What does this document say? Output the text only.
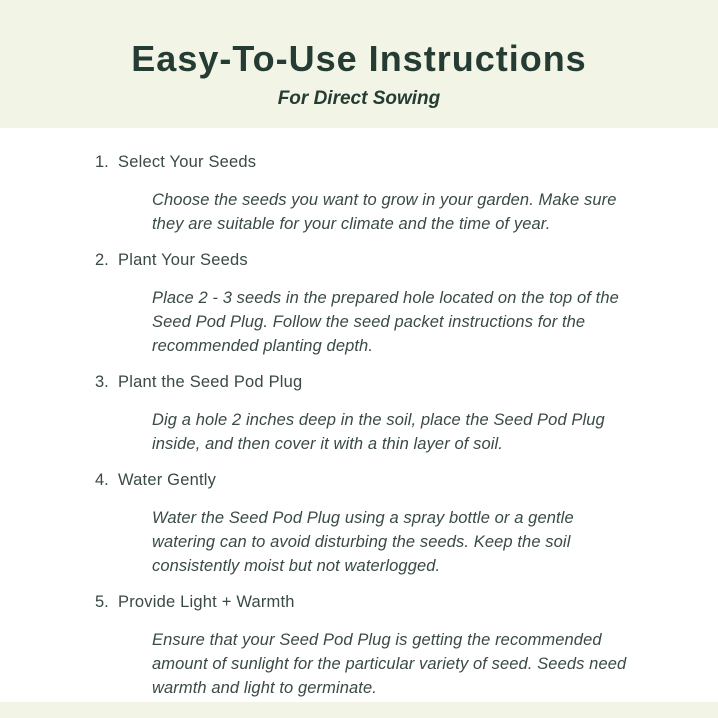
Easy-To-Use Instructions

For Direct Sowing

1. Select Your Seeds

Choose the seeds you want to grow in your garden. Make sure they are suitable for your climate and the time of year.

2. Plant Your Seeds

Place 2 - 3 seeds in the prepared hole located on the top of the Seed Pod Plug. Follow the seed packet instructions for the recommended planting depth.

3. Plant the Seed Pod Plug

Dig a hole 2 inches deep in the soil, place the Seed Pod Plug inside, and then cover it with a thin layer of soil.

4. Water Gently

Water the Seed Pod Plug using a spray bottle or a gentle watering can to avoid disturbing the seeds. Keep the soil consistently moist but not waterlogged.

5. Provide Light + Warmth

Ensure that your Seed Pod Plug is getting the recommended amount of sunlight for the particular variety of seed. Seeds need warmth and light to germinate.
